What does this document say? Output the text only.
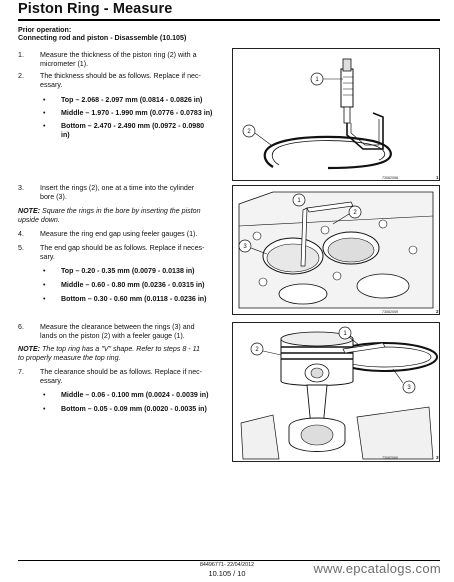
Piston Ring - Measure
Prior operation:
Connecting rod and piston - Disassemble (10.105)
1. Measure the thickness of the piston ring (2) with a
micrometer (1).
2. The thickness should be as follows. Replace if nec-
essary.
• Top – 2.068 - 2.097 mm (0.0814 - 0.0826 in)
• Middle – 1.970 - 1.990 mm (0.0776 - 0.0783 in)
• Bottom – 2.470 - 2.490 mm (0.0972 - 0.0980
in)
1
2
73082058	1
3. Insert the rings (2), one at a time into the cylinder
bore (3).
NOTE: Square the rings in the bore by inserting the piston
upside down.
4. Measure the ring end gap using feeler gauges (1).
5. The end gap should be as follows. Replace if neces-
sary.
• Top – 0.20 - 0.35 mm (0.0079 - 0.0138 in)
• Middle – 0.60 - 0.80 mm (0.0236 - 0.0315 in)
• Bottom – 0.30 - 0.60 mm (0.0118 - 0.0236 in)
1
2
3
73082059	2
6. Measure the clearance between the rings (3) and
lands on the piston (2) with a feeler gauge (1).
NOTE: The top ring has a "V" shape. Refer to steps 8 - 11
to properly measure the top ring.
7. The clearance should be as follows. Replace if nec-
essary.
• Middle – 0.06 - 0.100 mm (0.0024 - 0.0039 in)
• Bottom – 0.05 - 0.09 mm (0.0020 - 0.0035 in)
1
2
3
73082060	3
84496771- 22/04/2012
10.105 / 10	www.epcatalogs.com
